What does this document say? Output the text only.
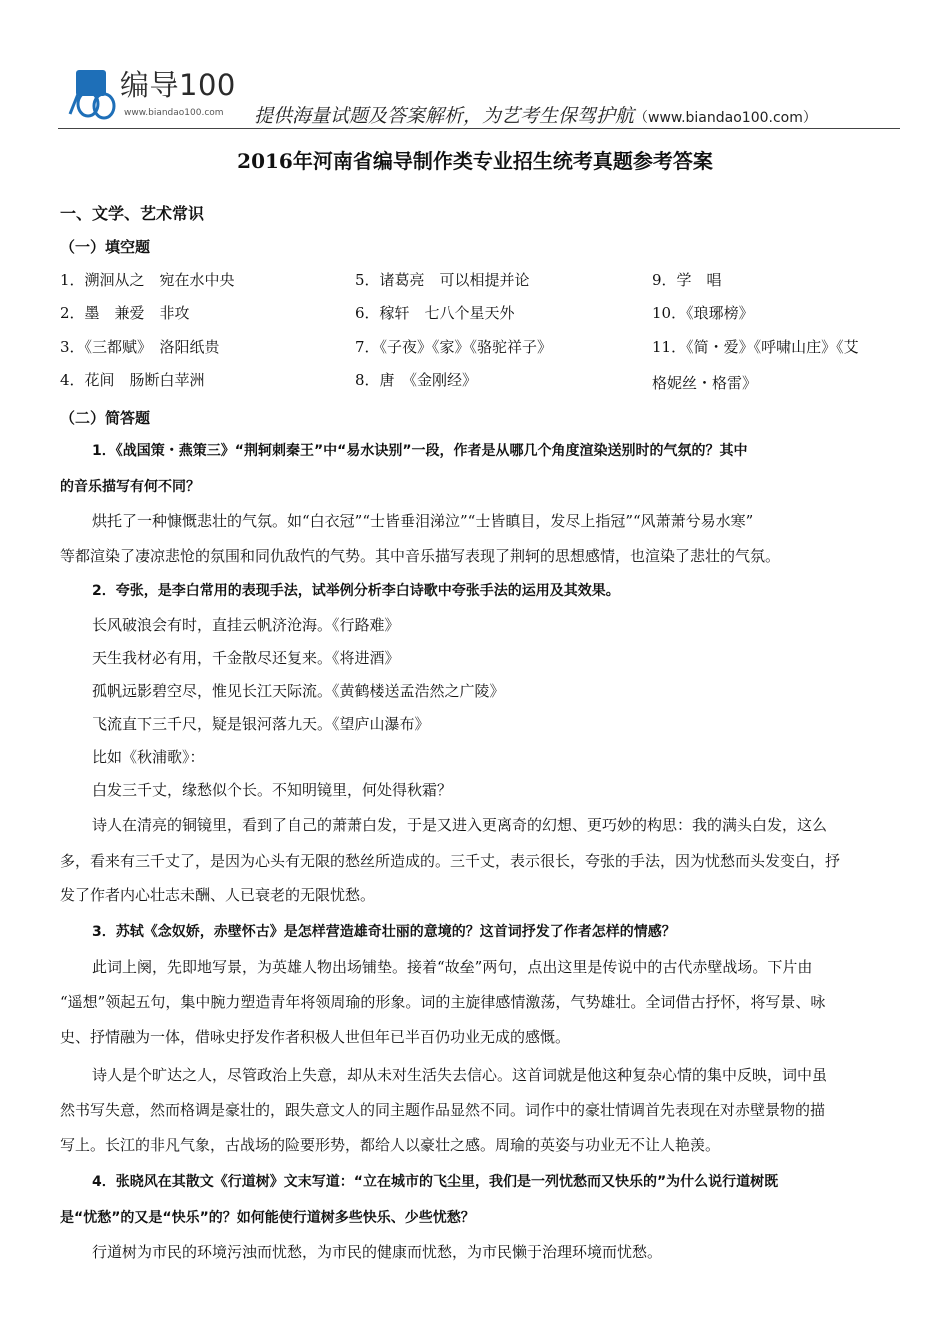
编导100
www.biandao100.com 提供海量试题及答案解析，为艺考生保驾护航（www.biandao100.com）
2016年河南省编导制作类专业招生统考真题参考答案
一、文学、艺术常识
（一）填空题
1．溯洄从之　宛在水中央
2．墨　兼爱　非攻
3．《三都赋》　洛阳纸贵
4．花间　肠断白苹洲
5．诸葛亮　可以相提并论
6．稼轩　七八个星天外
7．《子夜》《家》《骆驼祥子》
8．唐　《金刚经》
9．学　唱
10．《琅琊榜》
11．《简・爱》《呼啸山庄》《艾
格妮丝・格雷》
（二）简答题
1．《战国策・燕策三》“荆轲刺秦王”中“易水诀别”一段，作者是从哪几个角度渲染送别时的气氛的？其中
的音乐描写有何不同？
烘托了一种慷慨悲壮的气氛。如“白衣冠”“士皆垂泪涕泣”“士皆瞋目，发尽上指冠”“风萧萧兮易水寒”
等都渲染了凄凉悲怆的氛围和同仇敌忾的气势。其中音乐描写表现了荆轲的思想感情，也渲染了悲壮的气氛。
2．夸张，是李白常用的表现手法，试举例分析李白诗歌中夸张手法的运用及其效果。
长风破浪会有时，直挂云帆济沧海。《行路难》
天生我材必有用，千金散尽还复来。《将进酒》
孤帆远影碧空尽，惟见长江天际流。《黄鹤楼送孟浩然之广陵》
飞流直下三千尺，疑是银河落九天。《望庐山瀑布》
比如《秋浦歌》：
白发三千丈，缘愁似个长。不知明镜里，何处得秋霜？
诗人在清亮的铜镜里，看到了自己的萧萧白发，于是又进入更离奇的幻想、更巧妙的构思：我的满头白发，这么
多，看来有三千丈了，是因为心头有无限的愁丝所造成的。三千丈，表示很长，夸张的手法，因为忧愁而头发变白，抒
发了作者内心壮志未酬、人已衰老的无限忧愁。
3．苏轼《念奴娇，赤壁怀古》是怎样营造雄奇壮丽的意境的？这首词抒发了作者怎样的情感？
此词上阕，先即地写景，为英雄人物出场铺垫。接着“故垒”两句，点出这里是传说中的古代赤壁战场。下片由
“遥想”领起五句，集中腕力塑造青年将领周瑜的形象。词的主旋律感情激荡，气势雄壮。全词借古抒怀，将写景、咏
史、抒情融为一体，借咏史抒发作者积极人世但年已半百仍功业无成的感慨。
诗人是个旷达之人，尽管政治上失意，却从未对生活失去信心。这首词就是他这种复杂心情的集中反映，词中虽
然书写失意，然而格调是豪壮的，跟失意文人的同主题作品显然不同。词作中的豪壮情调首先表现在对赤壁景物的描
写上。长江的非凡气象，古战场的险要形势，都给人以豪壮之感。周瑜的英姿与功业无不让人艳羡。
4．张晓风在其散文《行道树》文末写道：“立在城市的飞尘里，我们是一列忧愁而又快乐的”为什么说行道树既
是“忧愁”的又是“快乐”的？如何能使行道树多些快乐、少些忧愁？
行道树为市民的环境污浊而忧愁，为市民的健康而忧愁，为市民懒于治理环境而忧愁。
